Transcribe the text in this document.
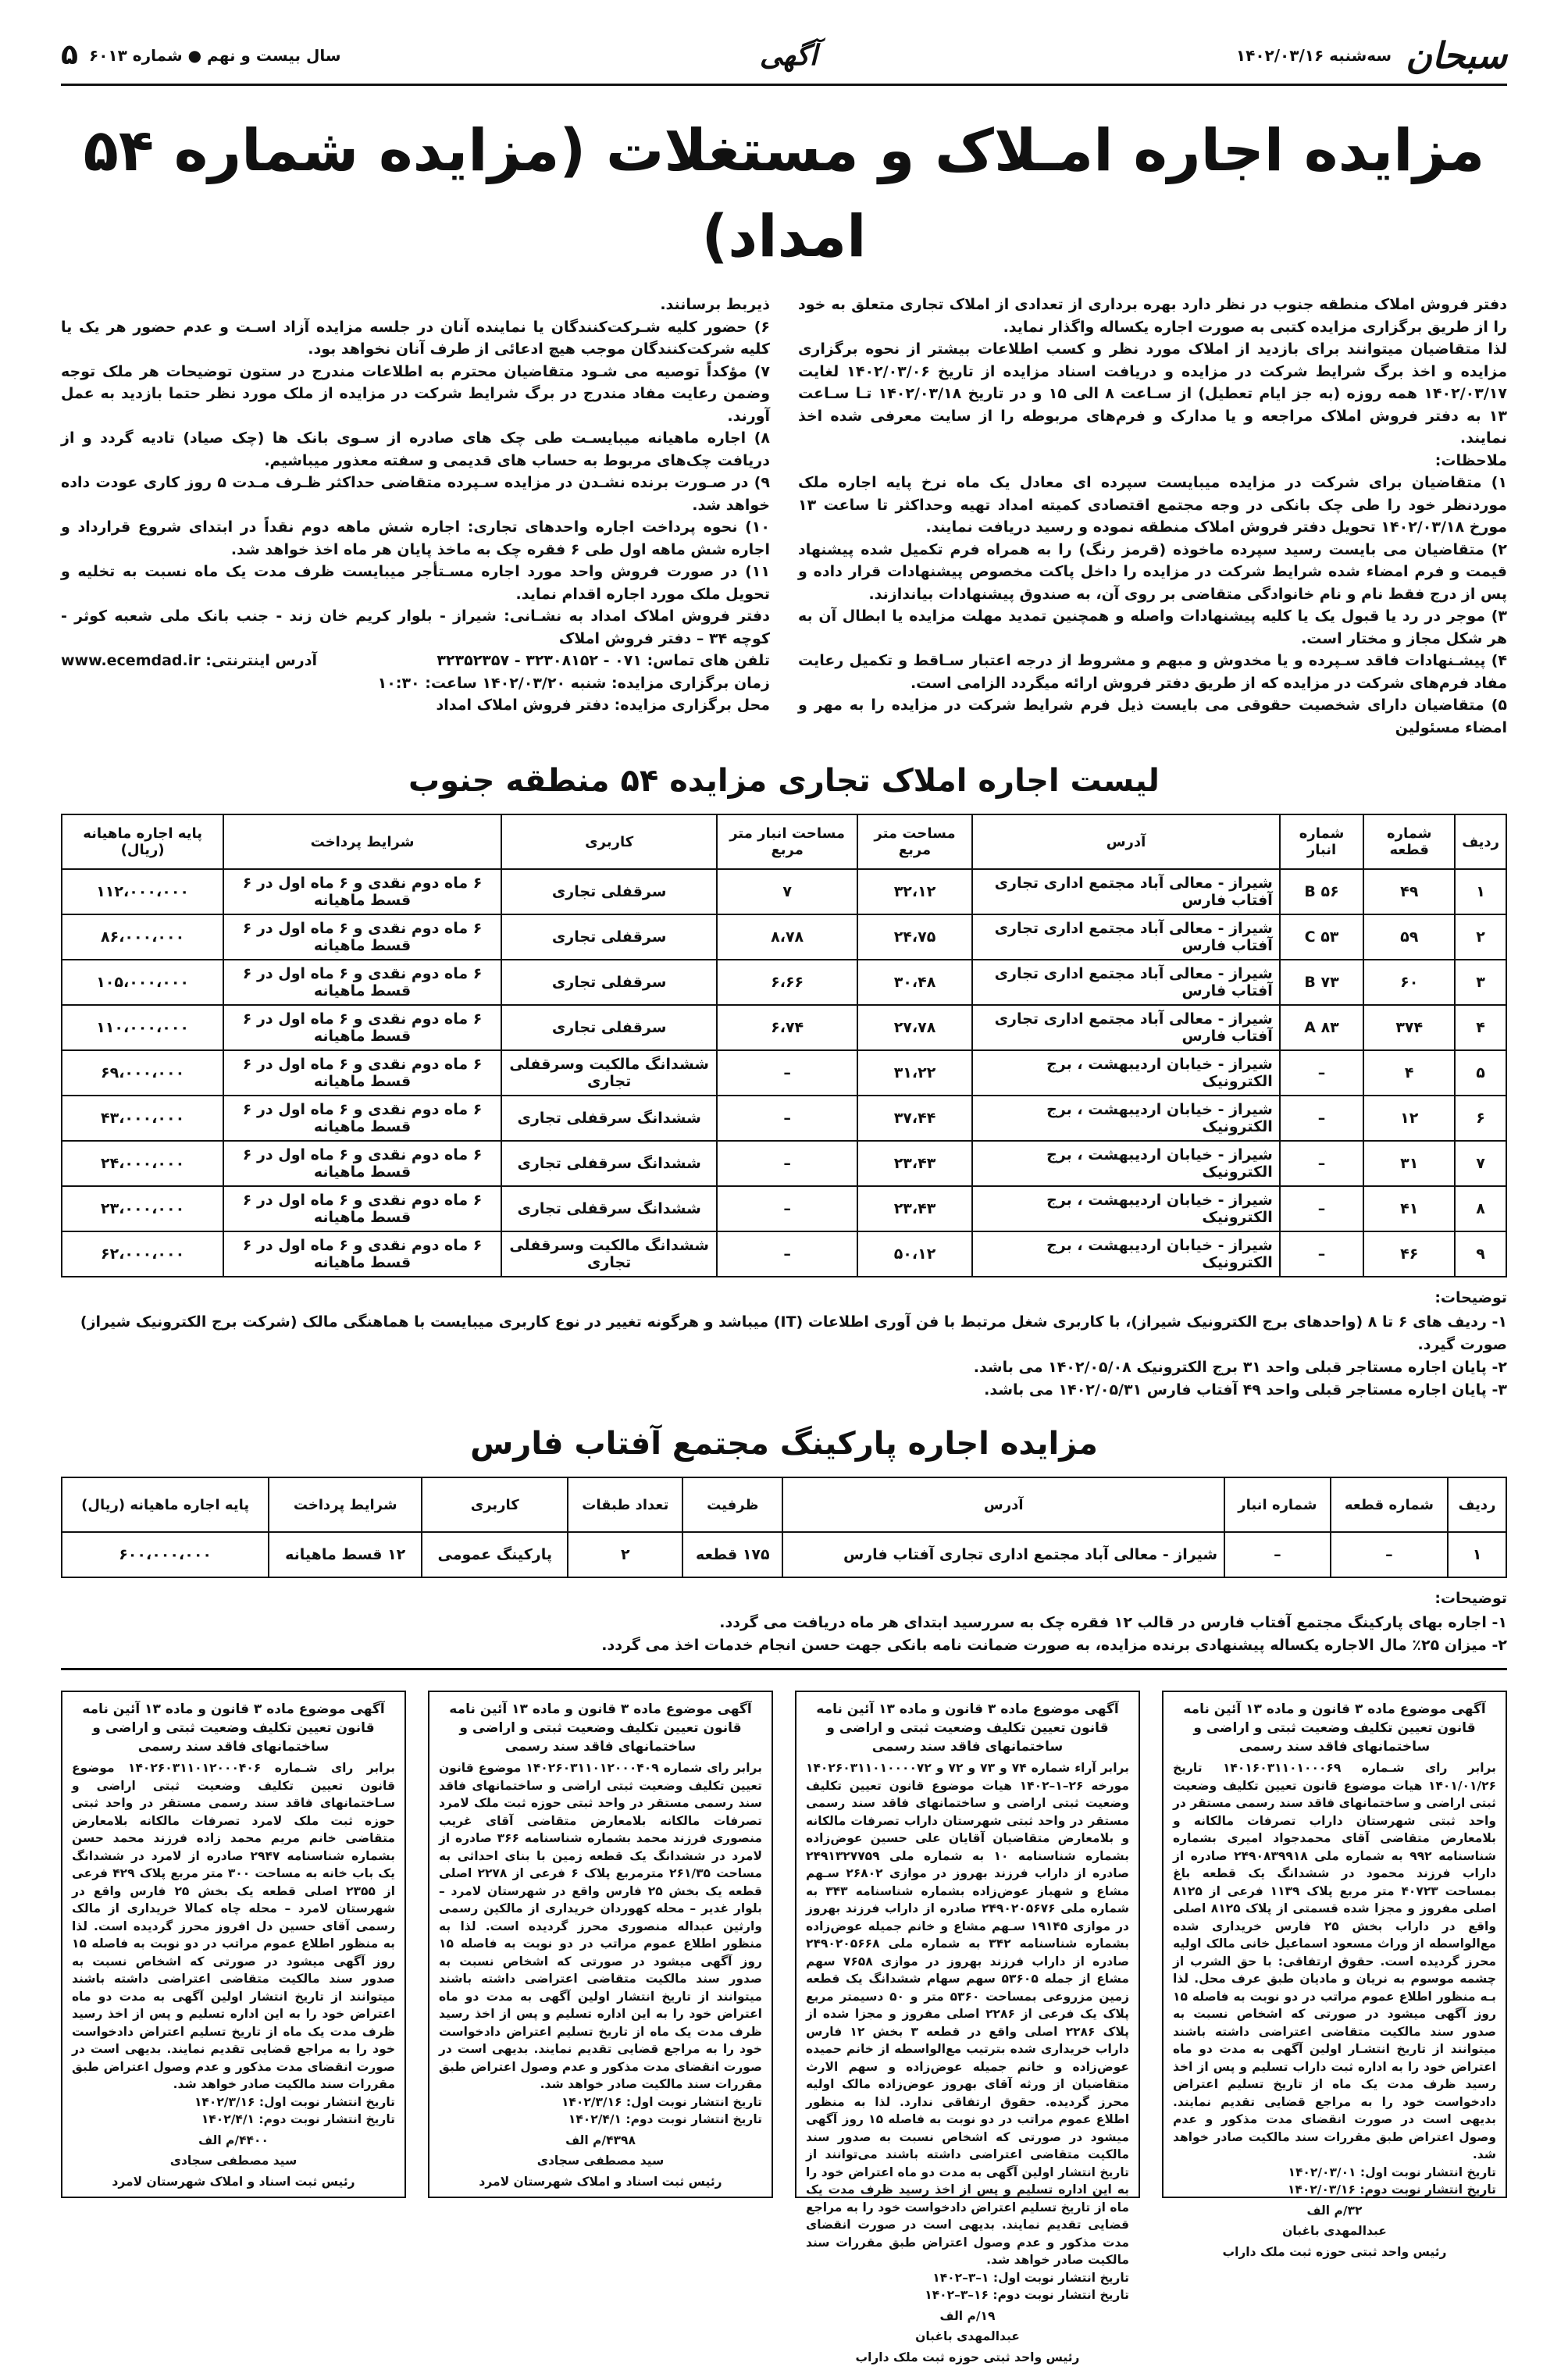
سبحان
سه‌شنبه ۱۴۰۲/۰۳/۱۶
آگهی
سال بیست و نهم ● شماره ۶۰۱۳
۵
مزایده اجاره امـلاک و مستغلات (مزایده شماره ۵۴ امداد)

دفتر فروش املاک منطقه جنوب در نظر دارد بهره برداری از تعدادی از املاک تجاری متعلق به خود را از طریق برگزاری مزایده کتبی به صورت اجاره یکساله واگذار نماید.

لذا متقاضیان میتوانند برای بازدید از املاک مورد نظر و کسب اطلاعات بیشتر از نحوه برگزاری مزایده و اخذ برگ شرایط شرکت در مزایده و دریافت اسناد مزایده از تاریخ ۱۴۰۲/۰۳/۰۶ لغایت ۱۴۰۲/۰۳/۱۷ همه روزه (به جز ایام تعطیل) از سـاعت ۸ الی ۱۵ و در تاریخ ۱۴۰۲/۰۳/۱۸ تـا سـاعت ۱۳ به دفتر فروش املاک مراجعه و یا مدارک و فرم‌های مربوطه را از سایت معرفی شده اخذ نمایند.

ملاحظات:

۱) متقاضیان برای شرکت در مزایده میبایست سپرده ای معادل یک ماه نرخ پایه اجاره ملک موردنظر خود را طی چک بانکی در وجه مجتمع اقتصادی کمیته امداد تهیه وحداکثر تا ساعت ۱۳ مورخ ۱۴۰۲/۰۳/۱۸ تحویل دفتر فروش املاک منطقه نموده و رسید دریافت نمایند.

۲) متقاضیان می بایست رسید سپرده ماخوذه (قرمز رنگ) را به همراه فرم تکمیل شده پیشنهاد قیمت و فرم امضاء شده شرایط شرکت در مزایده را داخل پاکت مخصوص پیشنهادات قرار داده و پس از درج فقط نام و نام خانوادگی متقاضی بر روی آن، به صندوق پیشنهادات بیاندازند.

۳) موجر در رد یا قبول یک یا کلیه پیشنهادات واصله و همچنین تمدید مهلت مزایده یا ابطال آن به هر شکل مجاز و مختار است.

۴) پیشـنهادات فاقد سـپرده و یا مخدوش و مبهم و مشروط از درجه اعتبار سـاقط و تکمیل رعایت مفاد فرم‌های شرکت در مزایده که از طریق دفتر فروش ارائه میگردد الزامی است.

۵) متقاضیان دارای شخصیت حقوقی می بایست ذیل فرم شرایط شرکت در مزایده را به مهر و امضاء مسئولین

ذیربط برسانند.

۶) حضور کلیه شـرکت‌کنندگان یا نماینده آنان در جلسه مزایده آزاد اسـت و عدم حضور هر یک یا کلیه شرکت‌کنندگان موجب هیچ ادعائی از طرف آنان نخواهد بود.

۷) مؤکداً توصیه می شـود متقاضیان محترم به اطلاعات مندرج در ستون توضیحات هر ملک توجه وضمن رعایت مفاد مندرج در برگ شرایط شرکت در مزایده از ملک مورد نظر حتما بازدید به عمل آورند.

۸) اجاره ماهیانه میبایسـت طی چک های صادره از سـوی بانک ها (چک صیاد) تادیه گردد و از دریافت چک‌های مربوط به حساب های قدیمی و سفته معذور میباشیم.

۹) در صـورت برنده نشـدن در مزایده سـپرده متقاضی حداکثر ظـرف مـدت ۵ روز کاری عودت داده خواهد شد.

۱۰) نحوه پرداخت اجاره واحدهای تجاری: اجاره شش ماهه دوم نقداً در ابتدای شروع قرارداد و اجاره شش ماهه اول طی ۶ فقره چک به ماخذ پایان هر ماه اخذ خواهد شد.

۱۱) در صورت فروش واحد مورد اجاره مسـتأجر میبایست ظرف مدت یک ماه نسبت به تخلیه و تحویل ملک مورد اجاره اقدام نماید.

دفتر فروش املاک امداد به نشـانی: شیراز - بلوار کریم خان زند - جنب بانک ملی شعبه کوثر - کوچه ۳۴ – دفتر فروش املاک

تلفن های تماس: ۰۷۱ - ۳۲۳۰۸۱۵۲ - ۳۲۳۵۲۳۵۷
آدرس اینترنتی: www.ecemdad.ir

زمان برگزاری مزایده: شنبه ۱۴۰۲/۰۳/۲۰ ساعت: ۱۰:۳۰

محل برگزاری مزایده: دفتر فروش املاک امداد

لیست اجاره املاک تجاری مزایده ۵۴ منطقه جنوب
ردیف	شماره قطعه	شماره انبار	آدرس	مساحت متر مربع	مساحت انبار متر مربع	کاربری	شرایط پرداخت	پایه اجاره ماهیانه (ریال)
۱	۴۹	B ۵۶	شیراز - معالی آباد مجتمع اداری تجاری آفتاب فارس	۳۲،۱۲	۷	سرقفلی تجاری	۶ ماه دوم نقدی و ۶ ماه اول در ۶ قسط ماهیانه	۱۱۲،۰۰۰،۰۰۰
۲	۵۹	C ۵۳	شیراز - معالی آباد مجتمع اداری تجاری آفتاب فارس	۲۴،۷۵	۸،۷۸	سرقفلی تجاری	۶ ماه دوم نقدی و ۶ ماه اول در ۶ قسط ماهیانه	۸۶،۰۰۰،۰۰۰
۳	۶۰	B ۷۳	شیراز - معالی آباد مجتمع اداری تجاری آفتاب فارس	۳۰،۴۸	۶،۶۶	سرقفلی تجاری	۶ ماه دوم نقدی و ۶ ماه اول در ۶ قسط ماهیانه	۱۰۵،۰۰۰،۰۰۰
۴	۳۷۴	A ۸۳	شیراز - معالی آباد مجتمع اداری تجاری آفتاب فارس	۲۷،۷۸	۶،۷۴	سرقفلی تجاری	۶ ماه دوم نقدی و ۶ ماه اول در ۶ قسط ماهیانه	۱۱۰،۰۰۰،۰۰۰
۵	۴	–	شیراز - خیابان اردیبهشت ، برج الکترونیک	۳۱،۲۲	–	ششدانگ مالکیت وسرقفلی تجاری	۶ ماه دوم نقدی و ۶ ماه اول در ۶ قسط ماهیانه	۶۹،۰۰۰،۰۰۰
۶	۱۲	–	شیراز - خیابان اردیبهشت ، برج الکترونیک	۳۷،۴۴	–	ششدانگ سرقفلی تجاری	۶ ماه دوم نقدی و ۶ ماه اول در ۶ قسط ماهیانه	۴۳،۰۰۰،۰۰۰
۷	۳۱	–	شیراز - خیابان اردیبهشت ، برج الکترونیک	۲۳،۴۳	–	ششدانگ سرقفلی تجاری	۶ ماه دوم نقدی و ۶ ماه اول در ۶ قسط ماهیانه	۲۴،۰۰۰،۰۰۰
۸	۴۱	–	شیراز - خیابان اردیبهشت ، برج الکترونیک	۲۳،۴۳	–	ششدانگ سرقفلی تجاری	۶ ماه دوم نقدی و ۶ ماه اول در ۶ قسط ماهیانه	۲۳،۰۰۰،۰۰۰
۹	۴۶	–	شیراز - خیابان اردیبهشت ، برج الکترونیک	۵۰،۱۲	–	ششدانگ مالکیت وسرقفلی تجاری	۶ ماه دوم نقدی و ۶ ماه اول در ۶ قسط ماهیانه	۶۲،۰۰۰،۰۰۰
توضیحات:
۱- ردیف های ۶ تا ۸ (واحدهای برج الکترونیک شیراز)، با کاربری شغل مرتبط با فن آوری اطلاعات (IT) میباشد و هرگونه تغییر در نوع کاربری میبایست با هماهنگی مالک (شرکت برج الکترونیک شیراز) صورت گیرد.
۲- پایان اجاره مستاجر قبلی واحد ۳۱ برج الکترونیک ۱۴۰۲/۰۵/۰۸ می باشد.
۳- پایان اجاره مستاجر قبلی واحد ۴۹ آفتاب فارس ۱۴۰۲/۰۵/۳۱ می باشد.
مزایده اجاره پارکینگ مجتمع آفتاب فارس
ردیف	شماره قطعه	شماره انبار	آدرس	ظرفیت	تعداد طبقات	کاربری	شرایط پرداخت	پایه اجاره ماهیانه (ریال)
۱	–	–	شیراز - معالی آباد مجتمع اداری تجاری آفتاب فارس	۱۷۵ قطعه	۲	پارکینگ عمومی	۱۲ قسط ماهیانه	۶۰۰،۰۰۰،۰۰۰
توضیحات:
۱- اجاره بهای پارکینگ مجتمع آفتاب فارس در قالب ۱۲ فقره چک به سررسید ابتدای هر ماه دریافت می گردد.
۲- میزان ۲۵٪ مال الاجاره یکساله پیشنهادی برنده مزایده، به صورت ضمانت نامه بانکی جهت حسن انجام خدمات اخذ می گردد.
آگهی موضوع ماده ۳ قانون و ماده ۱۳ آئین نامه قانون تعیین تکلیف وضعیت ثبتی و اراضی و ساختمانهای فاقد سند رسمی
برابر رای شـماره ۱۴۰۱۶۰۳۱۱۰۱۰۰۰۶۹ تاریخ ۱۴۰۱/۰۱/۲۶ هیات موضوع قانون تعیین تکلیف وضعیت ثبتی اراضی و ساختمانهای فاقد سند رسمی مستقر در واحد ثبتی شهرستان داراب تصرفات مالکانه و بلامعارض متقاضی آقای محمدجواد امیری بشماره شناسنامه ۹۹۲ به شماره ملی ۲۴۹۰۸۳۹۹۱۸ صادره از داراب فرزند محمود در ششدانگ یک قطعه باغ بمساحت ۴۰۷۲۳ متر مربع پلاک ۱۱۳۹ فرعی از ۸۱۲۵ اصلی مفروز و مجزا شده قسمتی از پلاک ۸۱۲۵ اصلی واقع در داراب بخش ۲۵ فارس خریداری شده مع‌الواسطه از وراث مسعود اسماعیل خانی مالک اولیه محرز گردیده است. حقوق ارتفاقی: با حق الشرب از چشمه موسوم به نریان و مادیان طبق عرف محل. لذا بـه منظور اطلاع عموم مراتب در دو نوبت به فاصله ۱۵ روز آگهی میشود در صورتی که اشخاص نسبت به صدور سند مالکیت متقاضی اعتراضی داشته باشند میتوانند از تاریخ انتشـار اولین آگهی به مدت دو ماه اعتراض خود را به اداره ثبت داراب تسلیم و پس از اخذ رسید ظرف مدت یک ماه از تاریخ تسلیم اعتراض دادخواست خود را به مراجع قضایی تقدیم نمایند. بدیهی است در صورت انقضای مدت مذکور و عدم وصول اعتراض طبق مقررات سند مالکیت صادر خواهد شد.
تاریخ انتشار نوبت اول: ۱۴۰۲/۰۳/۰۱
تاریخ انتشار نوبت دوم: ۱۴۰۲/۰۳/۱۶
۳۲/م الف
عبدالمهدی باغبان
رئیس واحد ثبتی حوزه ثبت ملک داراب
آگهی موضوع ماده ۳ قانون و ماده ۱۳ آئین نامه قانون تعیین تکلیف وضعیت ثبتی و اراضی و ساختمانهای فاقد سند رسمی
برابر آراء شماره ۷۴ و ۷۳ و ۷۲ و ۱۴۰۲۶۰۳۱۱۰۱۰۰۰۰۷۲ مورخه ۲۶–۱–۱۴۰۲ هیات موضوع قانون تعیین تکلیف وضعیت ثبتی اراضی و ساختمانهای فاقد سند رسمی مستقر در واحد ثبتی شهرستان داراب تصرفات مالکانه و بلامعارض متقاضیان آقایان علی حسین عوض‌زاده بشماره شناسنامه ۱۰ به شماره ملی ۲۴۹۱۳۲۷۷۵۹ صادره از داراب فرزند بهروز در موازی ۲۶۸۰۲ سـهم مشاع و شهباز عوض‌زاده بشماره شناسنامه ۳۴۳ به شماره ملی ۲۴۹۰۲۰۵۶۷۶ صادره از داراب فرزند بهروز در موازی ۱۹۱۴۵ سـهم مشاع و خانم جمیله عوض‌زاده بشماره شناسنامه ۳۴۲ به شماره ملی ۲۴۹۰۲۰۵۶۶۸ صادره از داراب فرزند بهروز در موازی ۷۶۵۸ سهم مشاع از جمله ۵۳۶۰۵ سهم سهام ششدانگ یک قطعه زمین مزروعی بمساحت ۵۳۶۰ متر و ۵۰ دسیمتر مربع پلاک یک فرعی از ۲۲۸۶ اصلی مفروز و مجزا شده از پلاک ۲۲۸۶ اصلی واقع در قطعه ۳ بخش ۱۲ فارس داراب خریداری شده بترتیب مع‌الواسطه از خانم حمیده عوض‌زاده و خانم جمیله عوض‌زاده و سهم الارث متقاضیان از ورثه آقای بهروز عوض‌زاده مالک اولیه محرز گردیده. حقوق ارتفاقی ندارد. لذا به منظور اطلاع عموم مراتب در دو نوبت به فاصله ۱۵ روز آگهی میشود در صورتی که اشخاص نسبت به صدور سند مالکیت متقاضی اعتراضی داشته باشند می‌توانند از تاریخ انتشار اولین آگهی به مدت دو ماه اعتراض خود را به این اداره تسلیم و پس از اخذ رسید ظرف مدت یک ماه از تاریخ تسلیم اعتراض دادخواست خود را به مراجع قضایی تقدیم نمایند. بدیهی است در صورت انقضای مدت مذکور و عدم وصول اعتراض طبق مقررات سند مالکیت صادر خواهد شد.
تاریخ انتشار نوبت اول: ۱–۳–۱۴۰۲
تاریخ انتشار نوبت دوم: ۱۶–۳–۱۴۰۲
۱۹/م الف
عبدالمهدی باغبان
رئیس واحد ثبتی حوزه ثبت ملک داراب
آگهی موضوع ماده ۳ قانون و ماده ۱۳ آئین نامه قانون تعیین تکلیف وضعیت ثبتی و اراضی و ساختمانهای فاقد سند رسمی
برابر رای شماره ۱۴۰۲۶۰۳۱۱۰۱۲۰۰۰۴۰۹ موضوع قانون تعیین تکلیف وضعیت ثبتی اراضی و ساختمانهای فاقد سند رسمی مستقر در واحد ثبتی حوزه ثبت ملک لامرد تصرفات مالکانه بلامعارض متقاضی آقای غریب منصوری فرزند محمد بشماره شناسنامه ۳۶۶ صادره از لامرد در ششدانگ یک قطعه زمین با بنای احداثی به مساحت ۲۶۱/۳۵ مترمربع پلاک ۶ فرعی از ۲۲۷۸ اصلی قطعه یک بخش ۲۵ فارس واقع در شهرستان لامرد – بلوار غدیر – محله کهوردان خریداری از مالکین رسمی وارثین عبداله منصوری محرز گردیده است. لذا به منظور اطلاع عموم مراتب در دو نوبت به فاصله ۱۵ روز آگهی میشود در صورتی که اشخاص نسبت به صدور سند مالکیت متقاضی اعتراضی داشته باشند میتوانند از تاریخ انتشار اولین آگهی به مدت دو ماه اعتراض خود را به این اداره تسلیم و پس از اخذ رسید ظرف مدت یک ماه از تاریخ تسلیم اعتراض دادخواست خود را به مراجع قضایی تقدیم نمایند. بدیهی است در صورت انقضای مدت مذکور و عدم وصول اعتراض طبق مقررات سند مالکیت صادر خواهد شد.
تاریخ انتشار نوبت اول: ۱۴۰۲/۳/۱۶
تاریخ انتشار نوبت دوم: ۱۴۰۲/۴/۱
۴۳۹۸/م الف
سید مصطفی سجادی
رئیس ثبت اسناد و املاک شهرستان لامرد
آگهی موضوع ماده ۳ قانون و ماده ۱۳ آئین نامه قانون تعیین تکلیف وضعیت ثبتی و اراضی و ساختمانهای فاقد سند رسمی
برابر رای شـماره ۱۴۰۲۶۰۳۱۱۰۱۲۰۰۰۴۰۶ موضوع قانون تعیین تکلیف وضعیت ثبتی اراضی و سـاختمانهای فاقد سند رسمی مستقر در واحد ثبتی حوزه ثبت ملک لامرد تصرفات مالکانه بلامعارض متقاضی خانم مریم محمد زاده فرزند محمد حسن بشماره شناسنامه ۲۹۴۷ صادره از لامرد در ششدانگ یک باب خانه به مساحت ۳۰۰ متر مربع پلاک ۴۲۹ فرعی از ۲۳۵۵ اصلی قطعه یک بخش ۲۵ فارس واقع در شهرستان لامرد – محله چاه کمالا خریداری از مالک رسمی آقای حسین دل افروز محرز گردیده است. لذا به منظور اطلاع عموم مراتب در دو نوبت به فاصله ۱۵ روز آگهی میشود در صورتی که اشخاص نسبت به صدور سند مالکیت متقاضی اعتراضی داشته باشند میتوانند از تاریخ انتشار اولین آگهی به مدت دو ماه اعتراض خود را به این اداره تسلیم و پس از اخذ رسید ظرف مدت یک ماه از تاریخ تسلیم اعتراض دادخواست خود را به مراجع قضایی تقدیم نمایند. بدیهی است در صورت انقضای مدت مذکور و عدم وصول اعتراض طبق مقررات سند مالکیت صادر خواهد شد.
تاریخ انتشار نوبت اول: ۱۴۰۲/۳/۱۶
تاریخ انتشار نوبت دوم: ۱۴۰۲/۴/۱
۴۴۰۰/م الف
سید مصطفی سجادی
رئیس ثبت اسناد و املاک شهرستان لامرد
